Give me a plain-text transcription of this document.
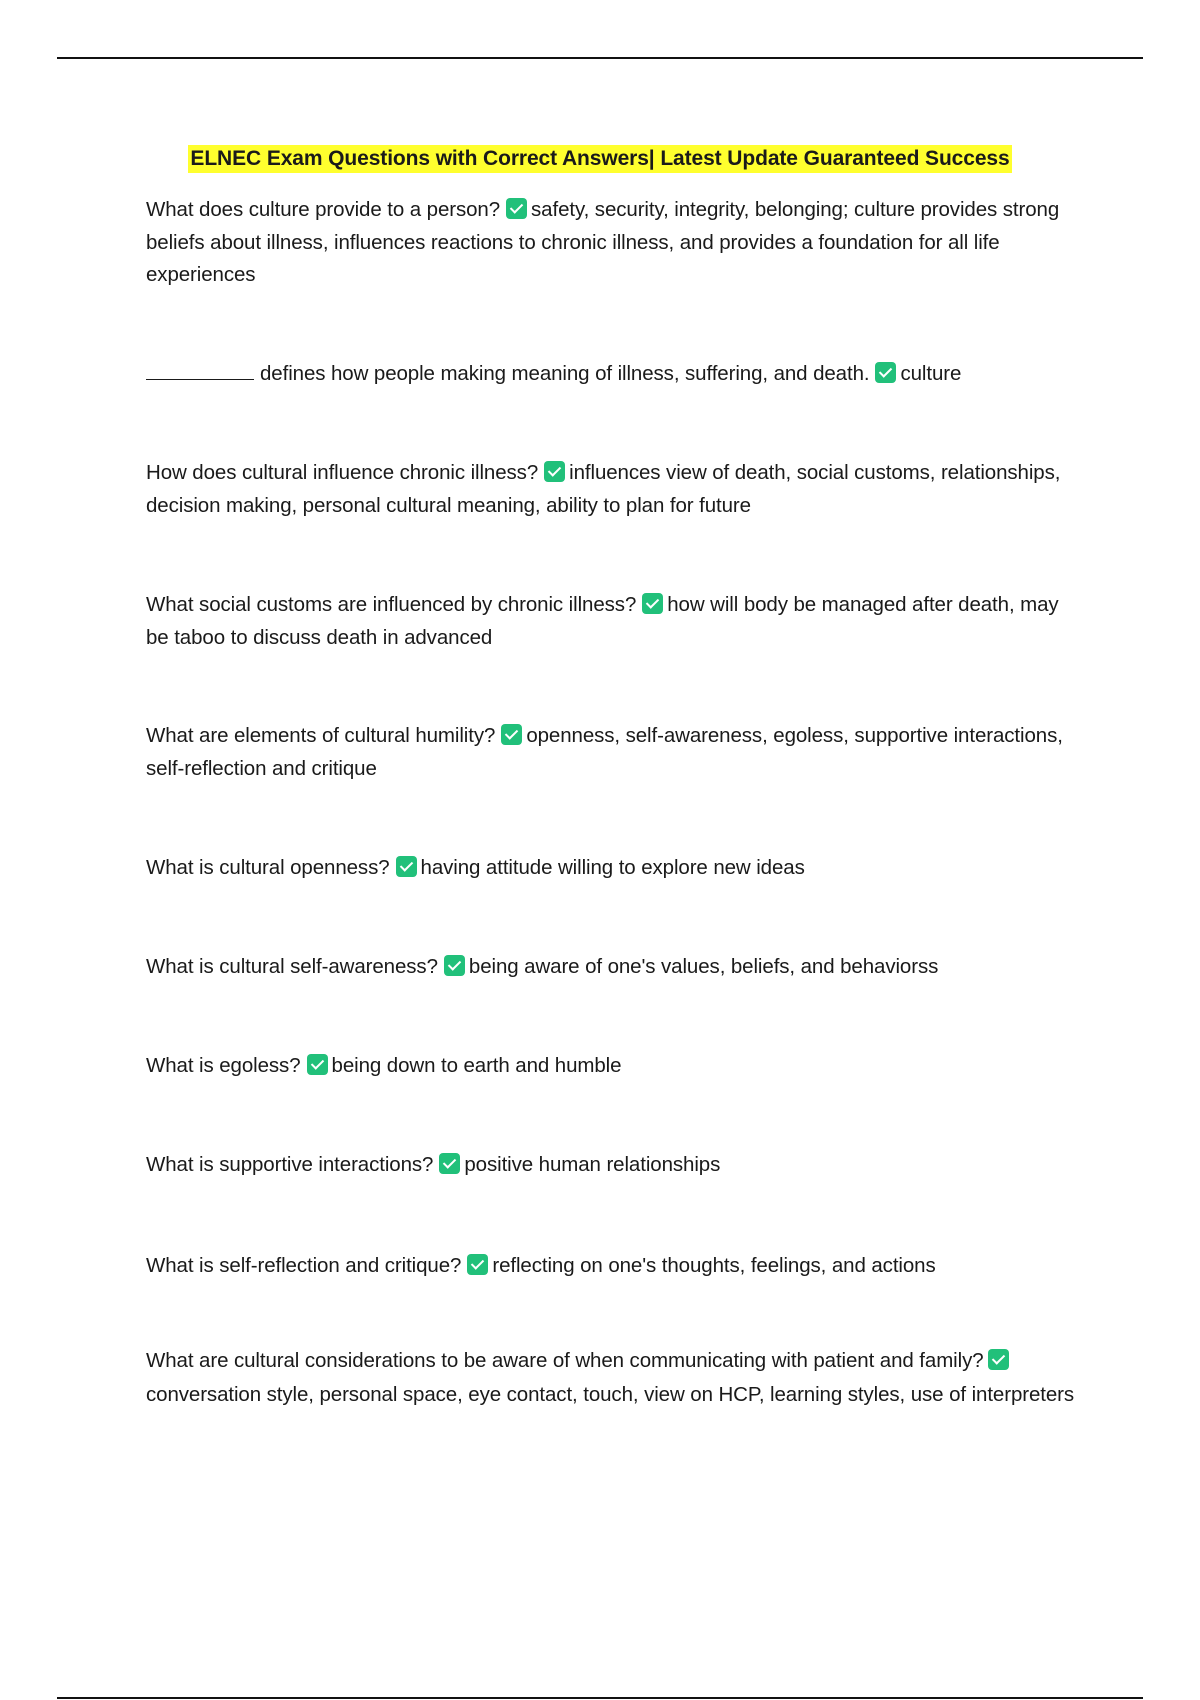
ELNEC Exam Questions with Correct Answers| Latest Update Guaranteed Success
What does culture provide to a person? safety, security, integrity, belonging; culture provides strong beliefs about illness, influences reactions to chronic illness, and provides a foundation for all life experiences
defines how people making meaning of illness, suffering, and death. culture
How does cultural influence chronic illness? influences view of death, social customs, relationships, decision making, personal cultural meaning, ability to plan for future
What social customs are influenced by chronic illness? how will body be managed after death, may be taboo to discuss death in advanced
What are elements of cultural humility? openness, self-awareness, egoless, supportive interactions, self-reflection and critique
What is cultural openness? having attitude willing to explore new ideas
What is cultural self-awareness? being aware of one's values, beliefs, and behaviorss
What is egoless? being down to earth and humble
What is supportive interactions? positive human relationships
What is self-reflection and critique? reflecting on one's thoughts, feelings, and actions
What are cultural considerations to be aware of when communicating with patient and family?conversation style, personal space, eye contact, touch, view on HCP, learning styles, use of interpreters
